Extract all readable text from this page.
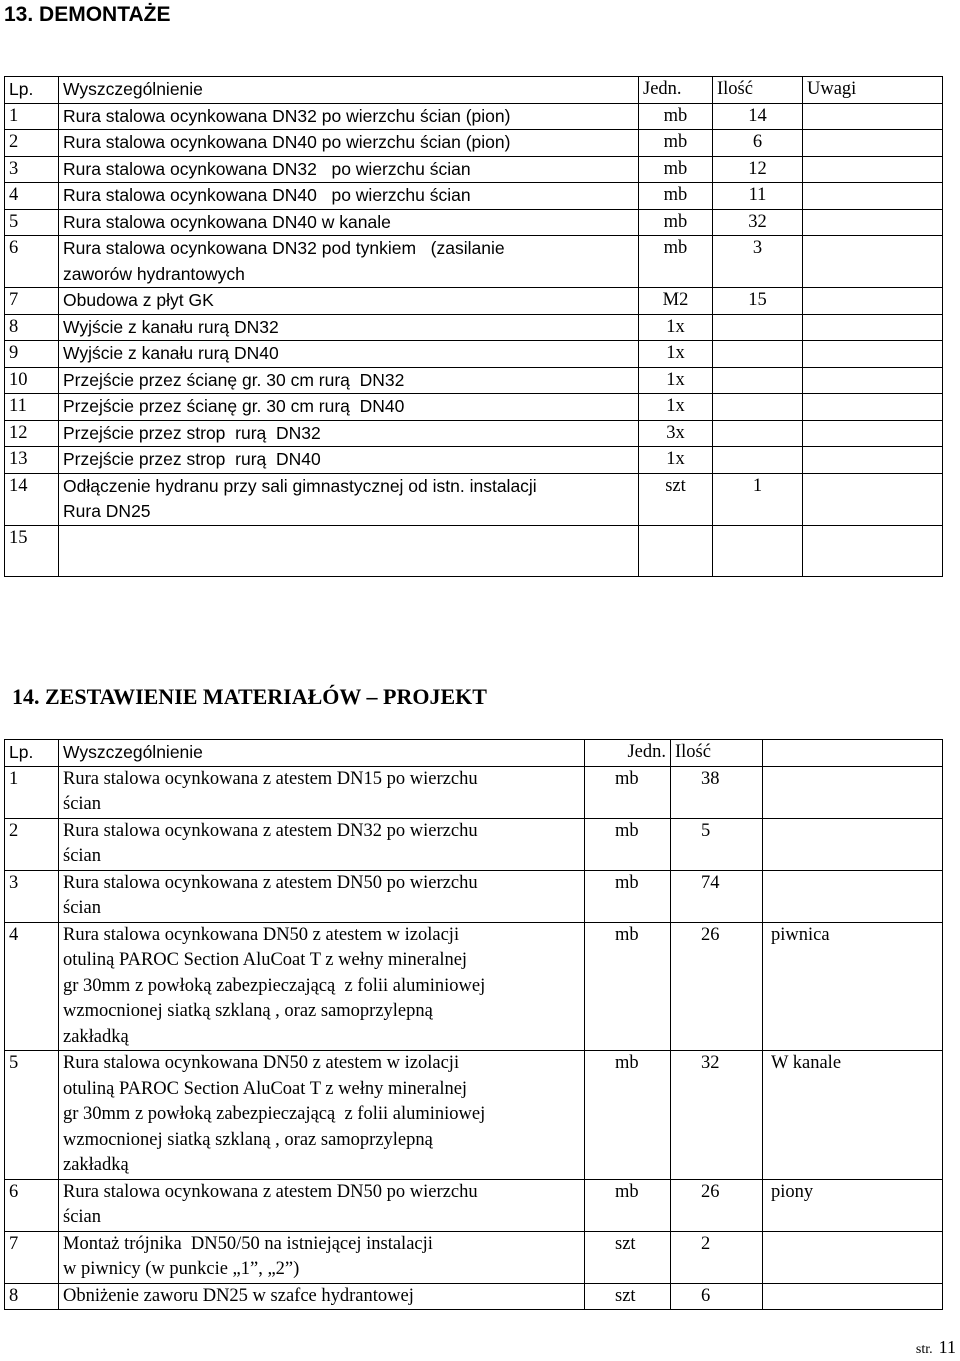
13. DEMONTAŻE
Lp.	Wyszczególnienie	Jedn.	Ilość	Uwagi
1	Rura stalowa ocynkowana DN32 po wierzchu ścian (pion)	mb	14	
2	Rura stalowa ocynkowana DN40 po wierzchu ścian (pion)	mb	6	
3	Rura stalowa ocynkowana DN32   po wierzchu ścian	mb	12	
4	Rura stalowa ocynkowana DN40   po wierzchu ścian	mb	11	
5	Rura stalowa ocynkowana DN40 w kanale	mb	32	
6	Rura stalowa ocynkowana DN32 pod tynkiem   (zasilanie
zaworów hydrantowych	mb	3	
7	Obudowa z płyt GK	M2	15	
8	Wyjście z kanału rurą DN32	1x		
9	Wyjście z kanału rurą DN40	1x		
10	Przejście przez ścianę gr. 30 cm rurą  DN32	1x		
11	Przejście przez ścianę gr. 30 cm rurą  DN40	1x		
12	Przejście przez strop  rurą  DN32	3x		
13	Przejście przez strop  rurą  DN40	1x		
14	Odłączenie hydranu przy sali gimnastycznej od istn. instalacji
Rura DN25	szt	1	
15	

14. ZESTAWIENIE MATERIAŁÓW – PROJEKT
Lp.	Wyszczególnienie	Jedn.	Ilość	
1	Rura stalowa ocynkowana z atestem DN15 po wierzchu
ścian	mb	38	
2	Rura stalowa ocynkowana z atestem DN32 po wierzchu
ścian	mb	5	
3	Rura stalowa ocynkowana z atestem DN50 po wierzchu
ścian	mb	74	
4	Rura stalowa ocynkowana DN50 z atestem w izolacji
otuliną PAROC Section AluCoat T z wełny mineralnej
gr 30mm z powłoką zabezpieczającą  z folii aluminiowej
wzmocnionej siatką szklaną , oraz samoprzylepną
zakładką	mb	26	piwnica
5	Rura stalowa ocynkowana DN50 z atestem w izolacji
otuliną PAROC Section AluCoat T z wełny mineralnej
gr 30mm z powłoką zabezpieczającą  z folii aluminiowej
wzmocnionej siatką szklaną , oraz samoprzylepną
zakładką	mb	32	W kanale
6	Rura stalowa ocynkowana z atestem DN50 po wierzchu
ścian	mb	26	piony
7	Montaż trójnika  DN50/50 na istniejącej instalacji
w piwnicy (w punkcie „1”, „2”)	szt	2	
8	Obniżenie zaworu DN25 w szafce hydrantowej	szt	6	
str. 11
